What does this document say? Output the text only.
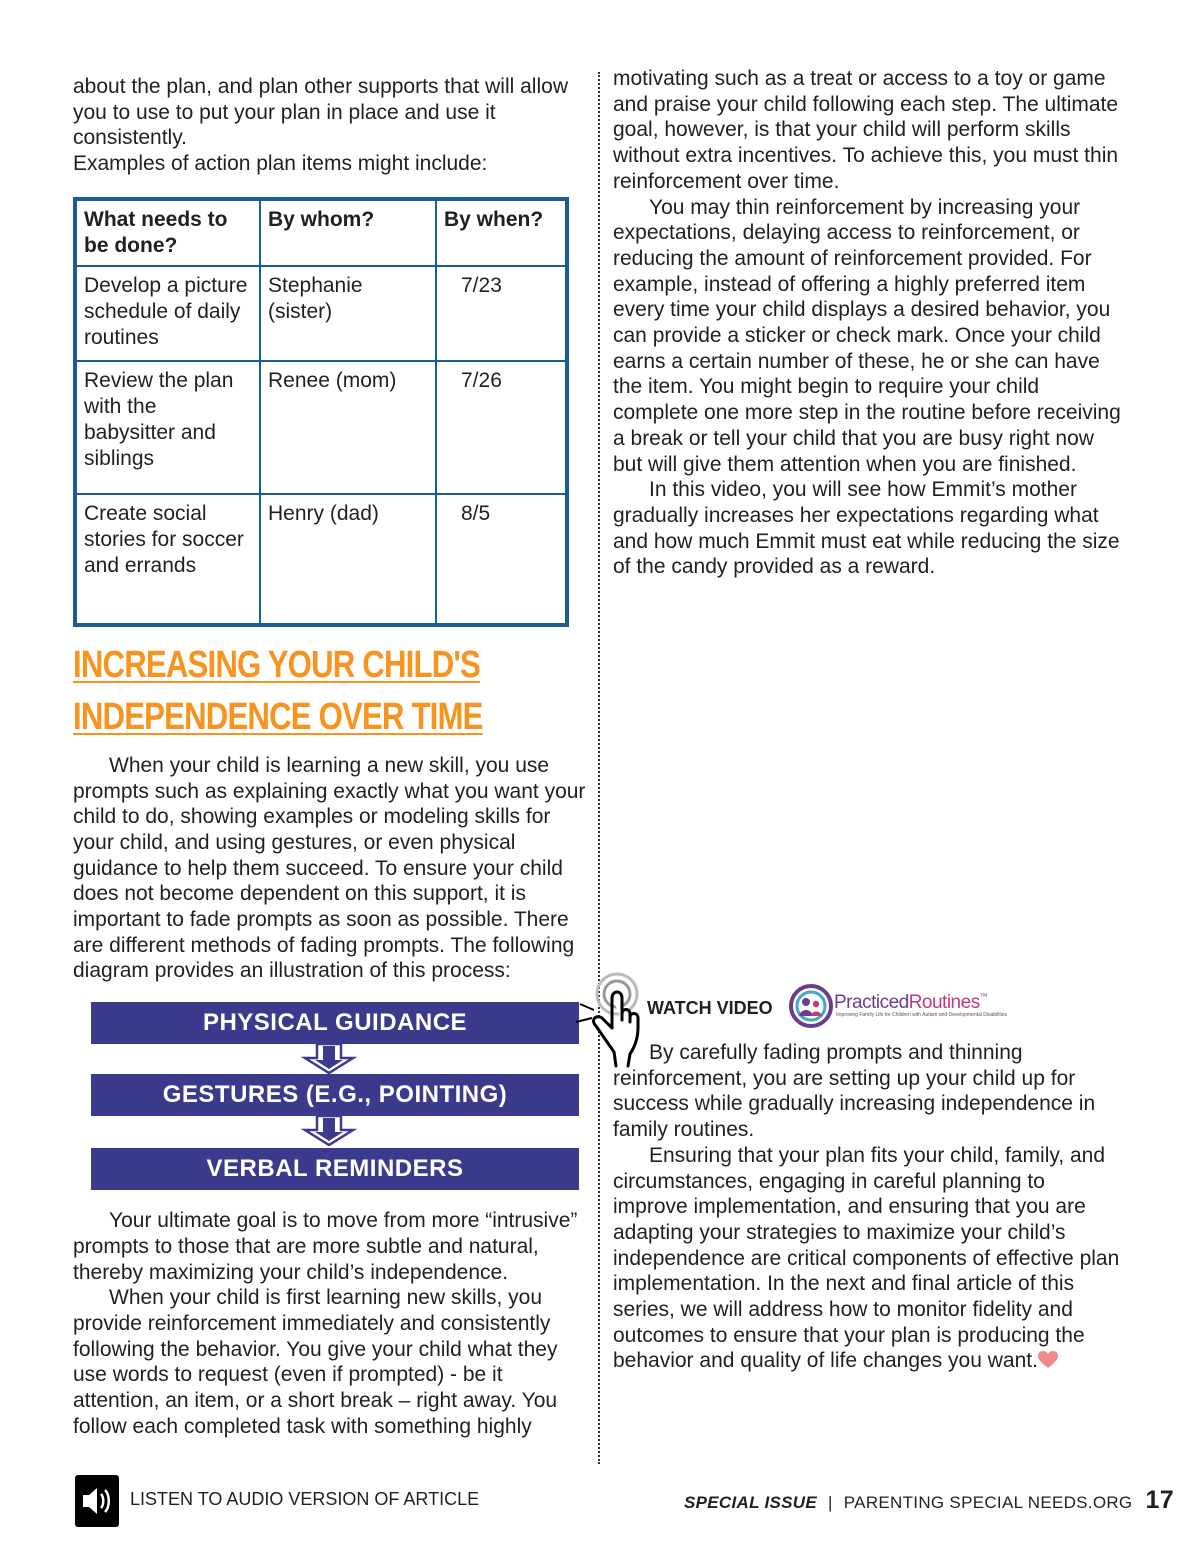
about the plan, and plan other supports that will allow you to use to put your plan in place and use it consistently.

Examples of action plan items might include:

What needs to be done?	By whom?	By when?
Develop a picture schedule of daily routines	Stephanie (sister)	7/23
Review the plan with the babysitter and siblings	Renee (mom)	7/26
Create social stories for soccer and errands	Henry (dad)	8/5
INCREASING YOUR CHILD'S
INDEPENDENCE OVER TIME

When your child is learning a new skill, you use prompts such as explaining exactly what you want your child to do, showing examples or modeling skills for your child, and using gestures, or even physical guidance to help them succeed. To ensure your child does not become dependent on this support, it is important to fade prompts as soon as possible. There are different methods of fading prompts. The following diagram provides an illustration of this process:

PHYSICAL GUIDANCE
GESTURES (E.G., POINTING)
VERBAL REMINDERS

Your ultimate goal is to move from more “intrusive” prompts to those that are more subtle and natural, thereby maximizing your child’s independence.

When your child is first learning new skills, you provide reinforcement immediately and consistently following the behavior. You give your child what they use words to request (even if prompted) - be it attention, an item, or a short break – right away. You follow each completed task with something highly

motivating such as a treat or access to a toy or game and praise your child following each step. The ultimate goal, however, is that your child will perform skills without extra incentives. To achieve this, you must thin reinforcement over time.

You may thin reinforcement by increasing your expectations, delaying access to reinforcement, or reducing the amount of reinforcement provided. For example, instead of offering a highly preferred item every time your child displays a desired behavior, you can provide a sticker or check mark. Once your child earns a certain number of these, he or she can have the item. You might begin to require your child complete one more step in the routine before receiving a break or tell your child that you are busy right now but will give them attention when you are finished.

In this video, you will see how Emmit’s mother gradually increases her expectations regarding what and how much Emmit must eat while reducing the size of the candy provided as a reward.

WATCH VIDEO	PracticedRoutines™
Improving Family Life for Children with Autism and Developmental Disabilities

By carefully fading prompts and thinning reinforcement, you are setting up your child up for success while gradually increasing independence in family routines.

Ensuring that your plan fits your child, family, and circumstances, engaging in careful planning to improve implementation, and ensuring that you are adapting your strategies to maximize your child’s independence are critical components of effective plan implementation. In the next and final article of this series, we will address how to monitor fidelity and outcomes to ensure that your plan is producing the behavior and quality of life changes you want.

LISTEN TO AUDIO VERSION OF ARTICLE	SPECIAL ISSUE | PARENTING SPECIAL NEEDS.ORG 17
